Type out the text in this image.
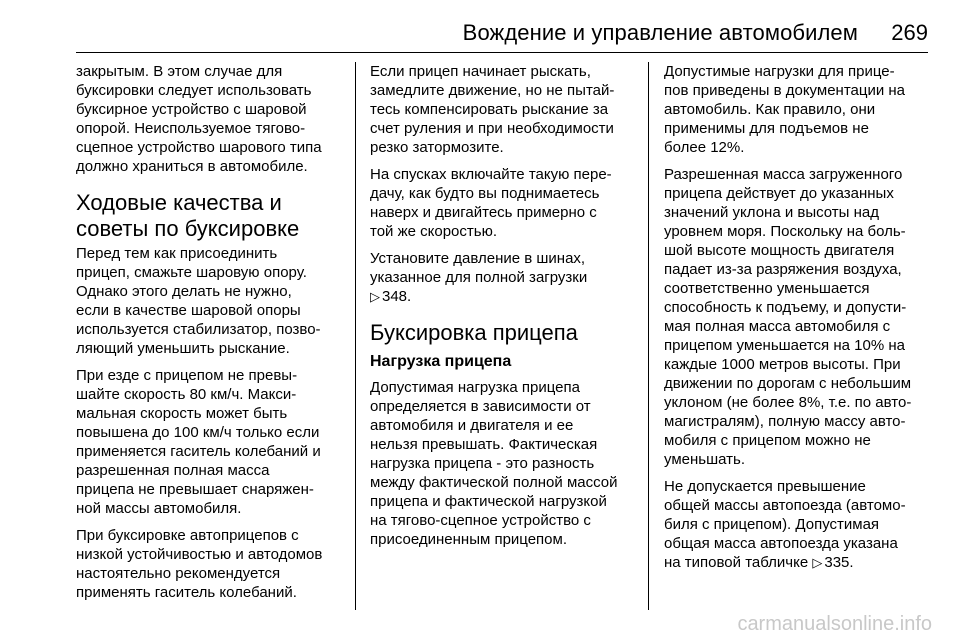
Вождение и управление автомобилем 269

закрытым. В этом случае для
буксировки следует использовать
буксирное устройство с шаровой
опорой. Неиспользуемое тягово-
сцепное устройство шарового типа
должно храниться в автомобиле.

Ходовые качества и
советы по буксировке

Перед тем как присоединить
прицеп, смажьте шаровую опору.
Однако этого делать не нужно,
если в качестве шаровой опоры
используется стабилизатор, позво-
ляющий уменьшить рыскание.

При езде с прицепом не превы-
шайте скорость 80 км/ч. Макси-
мальная скорость может быть
повышена до 100 км/ч только если
применяется гаситель колебаний и
разрешенная полная масса
прицепа не превышает снаряжен-
ной массы автомобиля.

При буксировке автоприцепов с
низкой устойчивостью и автодомов
настоятельно рекомендуется
применять гаситель колебаний.

Если прицеп начинает рыскать,
замедлите движение, но не пытай-
тесь компенсировать рыскание за
счет руления и при необходимости
резко затормозите.

На спусках включайте такую пере-
дачу, как будто вы поднимаетесь
наверх и двигайтесь примерно с
той же скоростью.

Установите давление в шинах,
указанное для полной загрузки
▷ 348.

Буксировка прицепа
Нагрузка прицепа

Допустимая нагрузка прицепа
определяется в зависимости от
автомобиля и двигателя и ее
нельзя превышать. Фактическая
нагрузка прицепа - это разность
между фактической полной массой
прицепа и фактической нагрузкой
на тягово-сцепное устройство с
присоединенным прицепом.

Допустимые нагрузки для прице-
пов приведены в документации на
автомобиль. Как правило, они
применимы для подъемов не
более 12%.

Разрешенная масса загруженного
прицепа действует до указанных
значений уклона и высоты над
уровнем моря. Поскольку на боль-
шой высоте мощность двигателя
падает из-за разряжения воздуха,
соответственно уменьшается
способность к подъему, и допусти-
мая полная масса автомобиля с
прицепом уменьшается на 10% на
каждые 1000 метров высоты. При
движении по дорогам с небольшим
уклоном (не более 8%, т.е. по авто-
магистралям), полную массу авто-
мобиля с прицепом можно не
уменьшать.

Не допускается превышение
общей массы автопоезда (автомо-
биля с прицепом). Допустимая
общая масса автопоезда указана
на типовой табличке ▷ 335.

carmanualsonline.info
